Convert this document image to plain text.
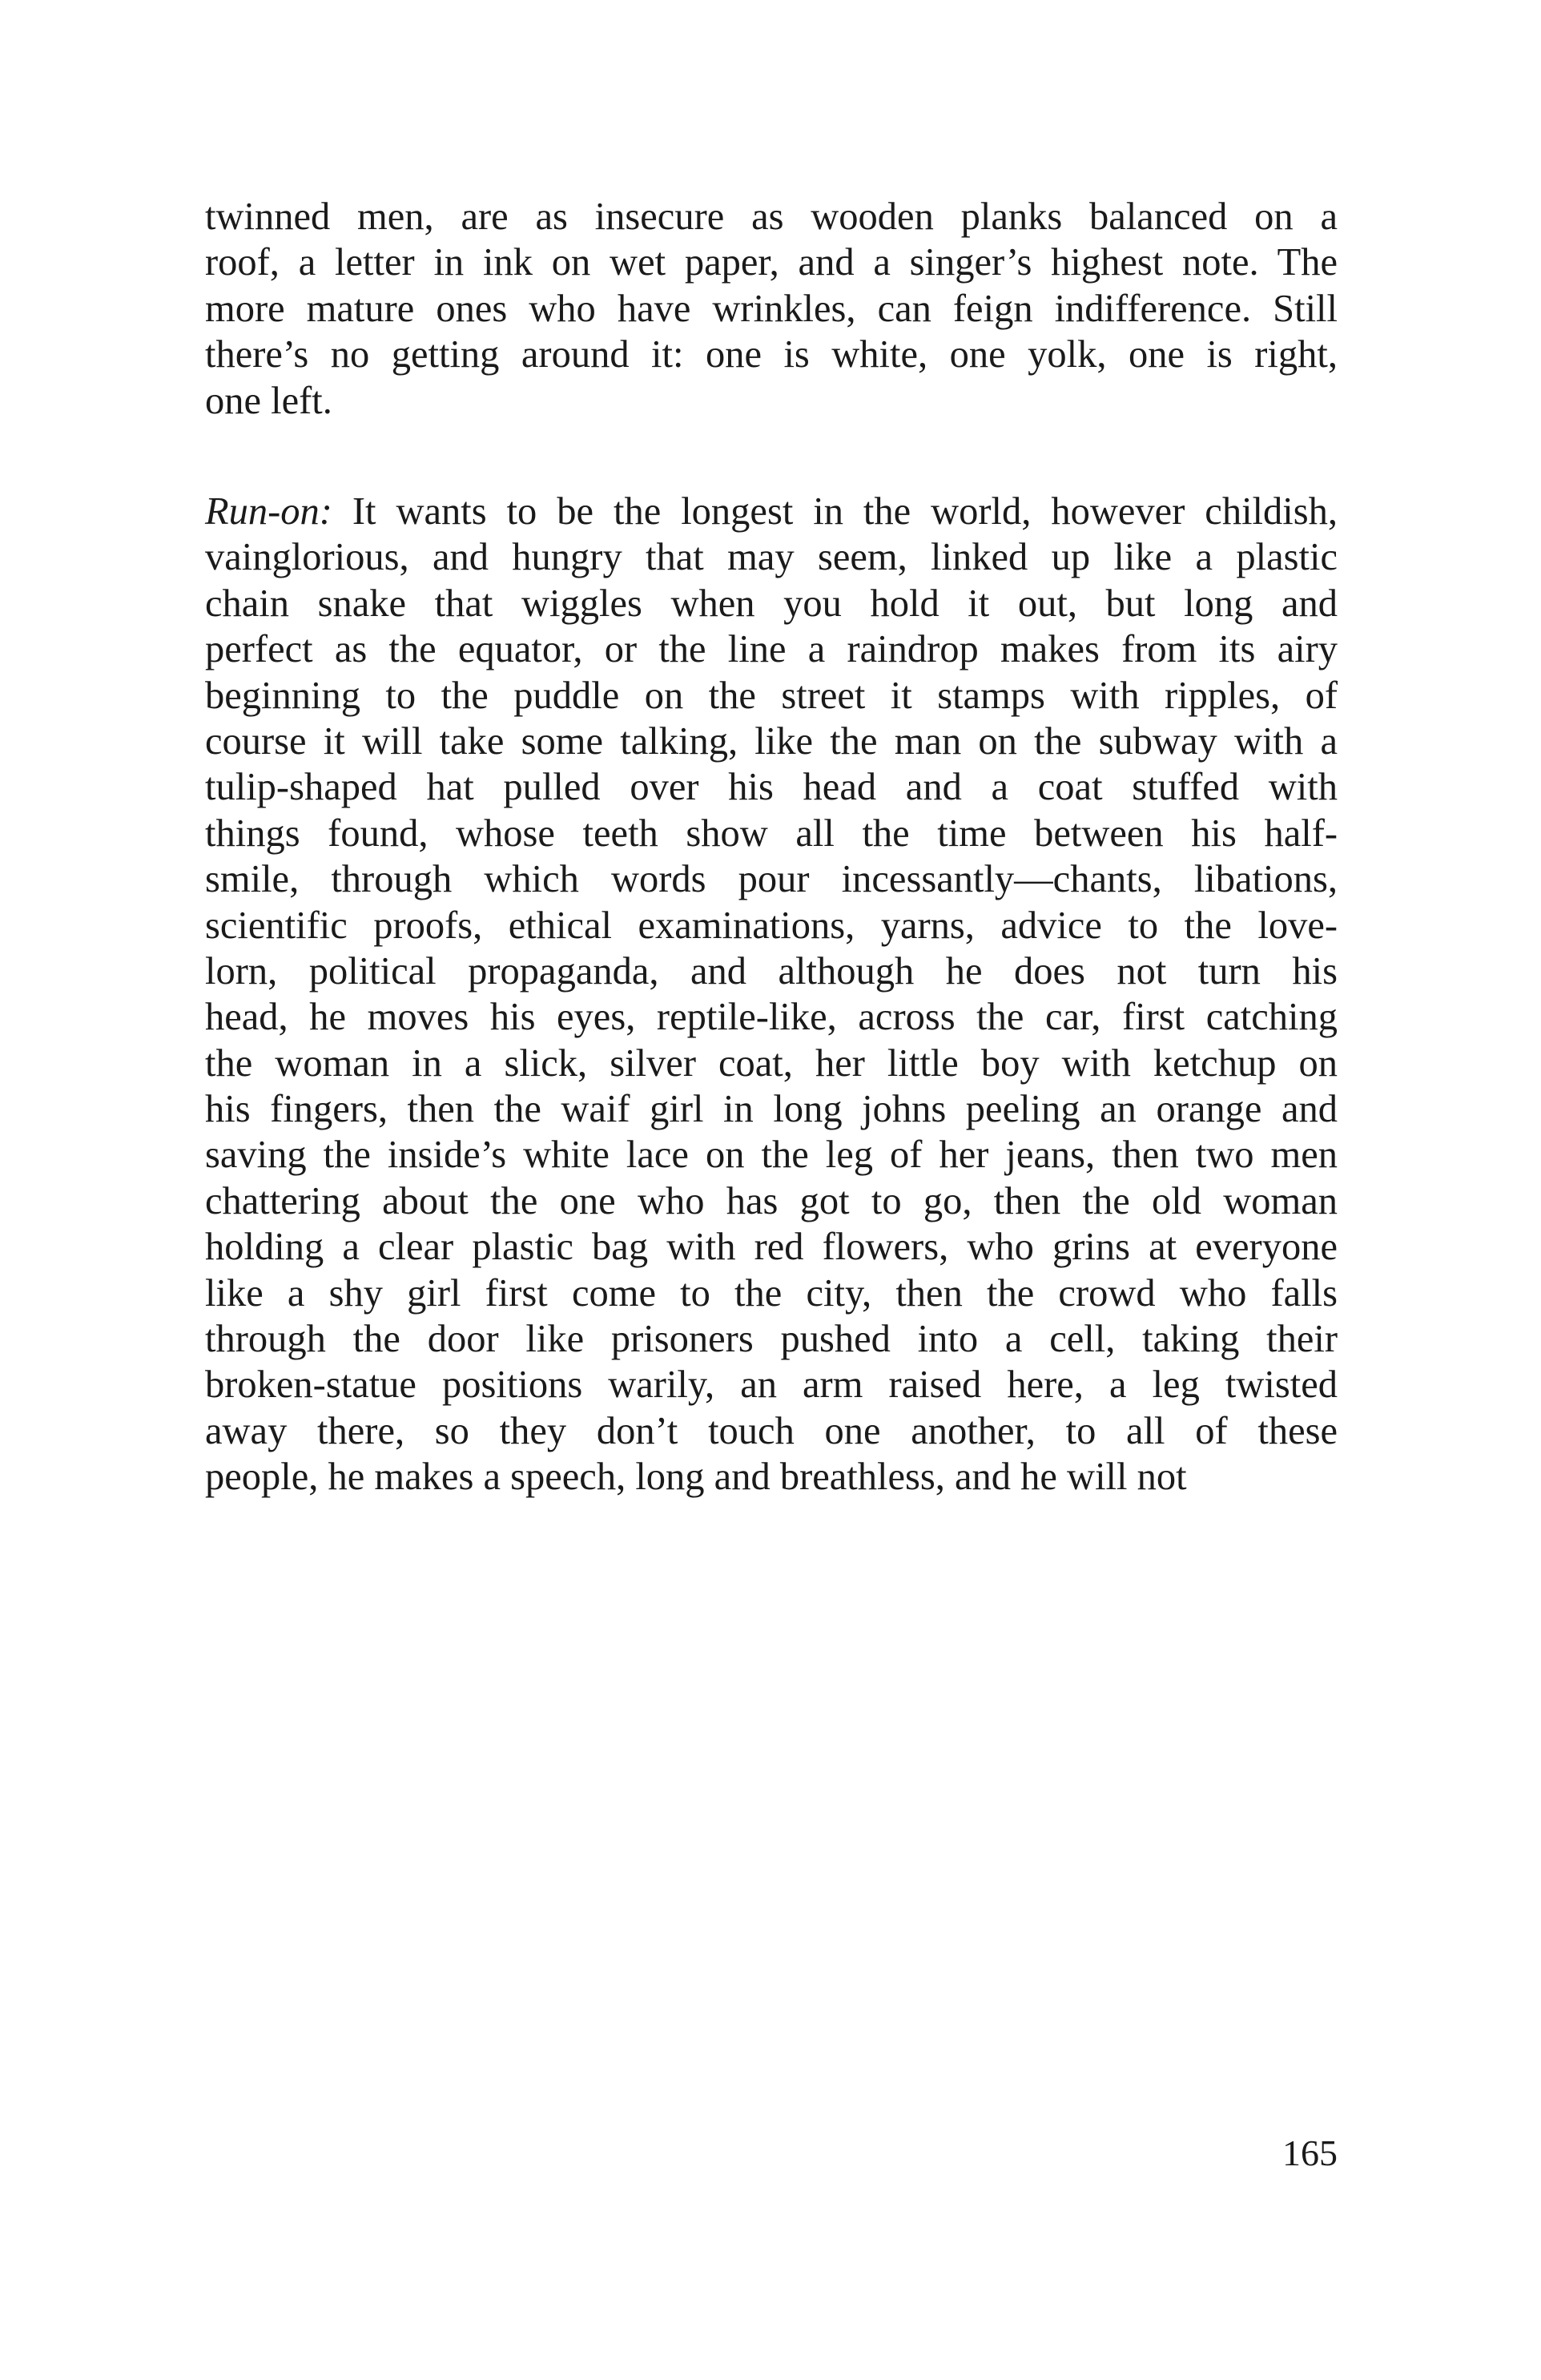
twinned men, are as insecure as wooden planks balanced on a
roof, a letter in ink on wet paper, and a singer’s highest note. The
more mature ones who have wrinkles, can feign indifference. Still
there’s no getting around it: one is white, one yolk, one is right,
one left.
Run-on: It wants to be the longest in the world, however childish,
vainglorious, and hungry that may seem, linked up like a plastic
chain snake that wiggles when you hold it out, but long and
perfect as the equator, or the line a raindrop makes from its airy
beginning to the puddle on the street it stamps with ripples, of
course it will take some talking, like the man on the subway with a
tulip-shaped hat pulled over his head and a coat stuffed with
things found, whose teeth show all the time between his half-
smile, through which words pour incessantly—chants, libations,
scientific proofs, ethical examinations, yarns, advice to the love-
lorn, political propaganda, and although he does not turn his
head, he moves his eyes, reptile-like, across the car, first catching
the woman in a slick, silver coat, her little boy with ketchup on
his fingers, then the waif girl in long johns peeling an orange and
saving the inside’s white lace on the leg of her jeans, then two men
chattering about the one who has got to go, then the old woman
holding a clear plastic bag with red flowers, who grins at everyone
like a shy girl first come to the city, then the crowd who falls
through the door like prisoners pushed into a cell, taking their
broken-statue positions warily, an arm raised here, a leg twisted
away there, so they don’t touch one another, to all of these
people, he makes a speech, long and breathless, and he will not
165
